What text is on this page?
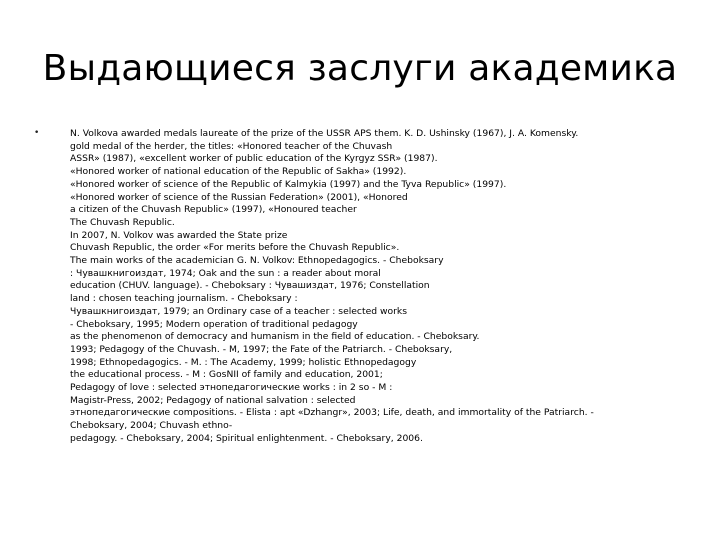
Выдающиеся заслуги академика
•	N. Volkova awarded medals laureate of the prize of the USSR APS them. K. D. Ushinsky (1967), J. A. Komensky.
gold medal of the herder, the titles: «Honored teacher of the Chuvash
ASSR» (1987), «excellent worker of public education of the Kyrgyz SSR» (1987).
«Honored worker of national education of the Republic of Sakha» (1992).
«Honored worker of science of the Republic of Kalmykia (1997) and the Tyva Republic» (1997).
«Honored worker of science of the Russian Federation» (2001), «Honored
a citizen of the Chuvash Republic» (1997), «Honoured teacher
The Chuvash Republic.
In 2007, N. Volkov was awarded the State prize
Chuvash Republic, the order «For merits before the Chuvash Republic».
The main works of the academician G. N. Volkov: Ethnopedagogics. - Cheboksary
: Чувашкнигоиздат, 1974; Oak and the sun : a reader about moral
education (CHUV. language). - Cheboksary : Чувашиздат, 1976; Constellation
land : chosen teaching journalism. - Cheboksary :
Чувашкнигоиздат, 1979; an Ordinary case of a teacher : selected works
- Cheboksary, 1995; Modern operation of traditional pedagogy
as the phenomenon of democracy and humanism in the field of education. - Cheboksary.
1993; Pedagogy of the Chuvash. - M, 1997; the Fate of the Patriarch. - Cheboksary,
1998; Ethnopedagogics. - M. : The Academy, 1999; holistic Ethnopedagogy
the educational process. - M : GosNII of family and education, 2001;
Pedagogy of love : selected этнопедагогические works : in 2 so - M :
Magistr-Press, 2002; Pedagogy of national salvation : selected
этнопедагогические compositions. - Elista : apt «Dzhangr», 2003; Life, death, and immortality of the Patriarch. -
Cheboksary, 2004; Chuvash ethno-
pedagogy. - Cheboksary, 2004; Spiritual enlightenment. - Cheboksary, 2006.
